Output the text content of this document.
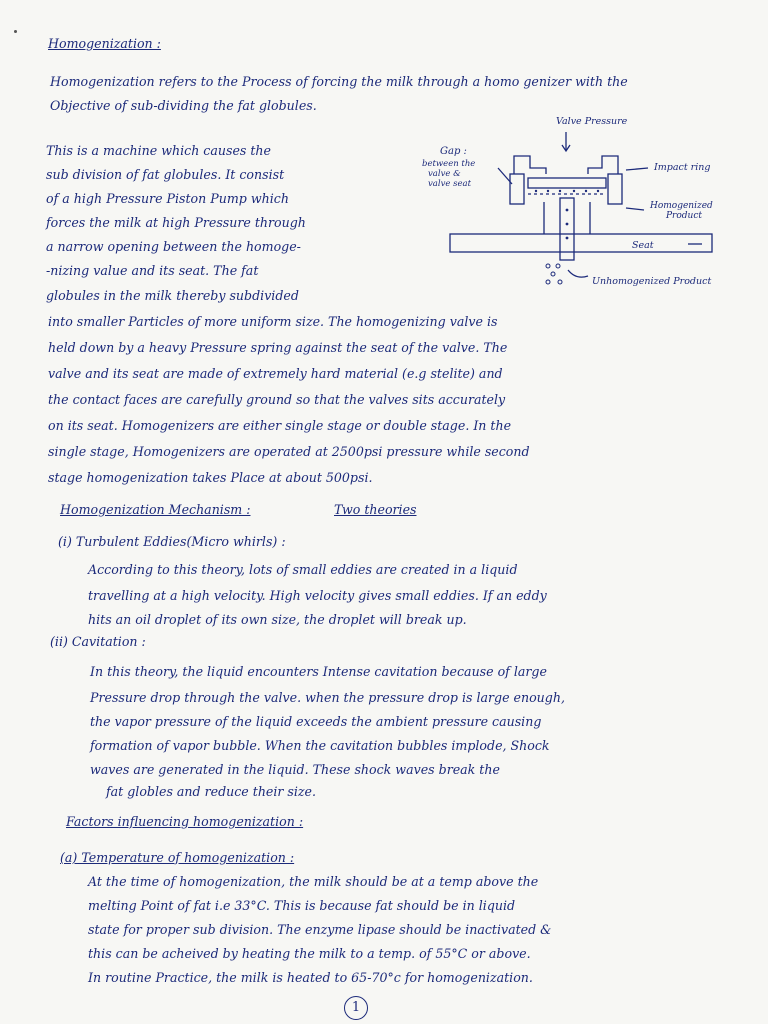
Homogenization :
Homogenization refers to the Process of forcing the milk through a homo genizer with the
Objective of sub-dividing the fat globules.
This is a machine which causes the
sub division of fat globules. It consist
of a high Pressure Piston Pump which
forces the milk at high Pressure through
a narrow opening between the homoge-
-nizing value and its seat. The fat
globules in the milk thereby subdivided
Valve Pressure
Gap :
between the
valve &
valve seat
Impact ring
Homogenized
Product
Seat
Unhomogenized Product
into smaller Particles of more uniform size. The homogenizing valve is
held down by a heavy Pressure spring against the seat of the valve. The
valve and its seat are made of extremely hard material (e.g stelite) and
the contact faces are carefully ground so that the valves sits accurately
on its seat. Homogenizers are either single stage or double stage. In the
single stage, Homogenizers are operated at 2500psi pressure while second
stage homogenization takes Place at about 500psi.
Homogenization Mechanism :	Two theories
(i) Turbulent Eddies(Micro whirls) :
According to this theory, lots of small eddies are created in a liquid
travelling at a high velocity. High velocity gives small eddies. If an eddy
hits an oil droplet of its own size, the droplet will break up.
(ii) Cavitation :
In this theory, the liquid encounters Intense cavitation because of large
Pressure drop through the valve. when the pressure drop is large enough,
the vapor pressure of the liquid exceeds the ambient pressure causing
formation of vapor bubble. When the cavitation bubbles implode, Shock
waves are generated in the liquid. These shock waves break the
fat globles and reduce their size.
Factors influencing homogenization :
(a) Temperature of homogenization :
At the time of homogenization, the milk should be at a temp above the
melting Point of fat i.e 33°C. This is because fat should be in liquid
state for proper sub division. The enzyme lipase should be inactivated &
this can be acheived by heating the milk to a temp. of 55°C or above.
In routine Practice, the milk is heated to 65-70°c for homogenization.
1
